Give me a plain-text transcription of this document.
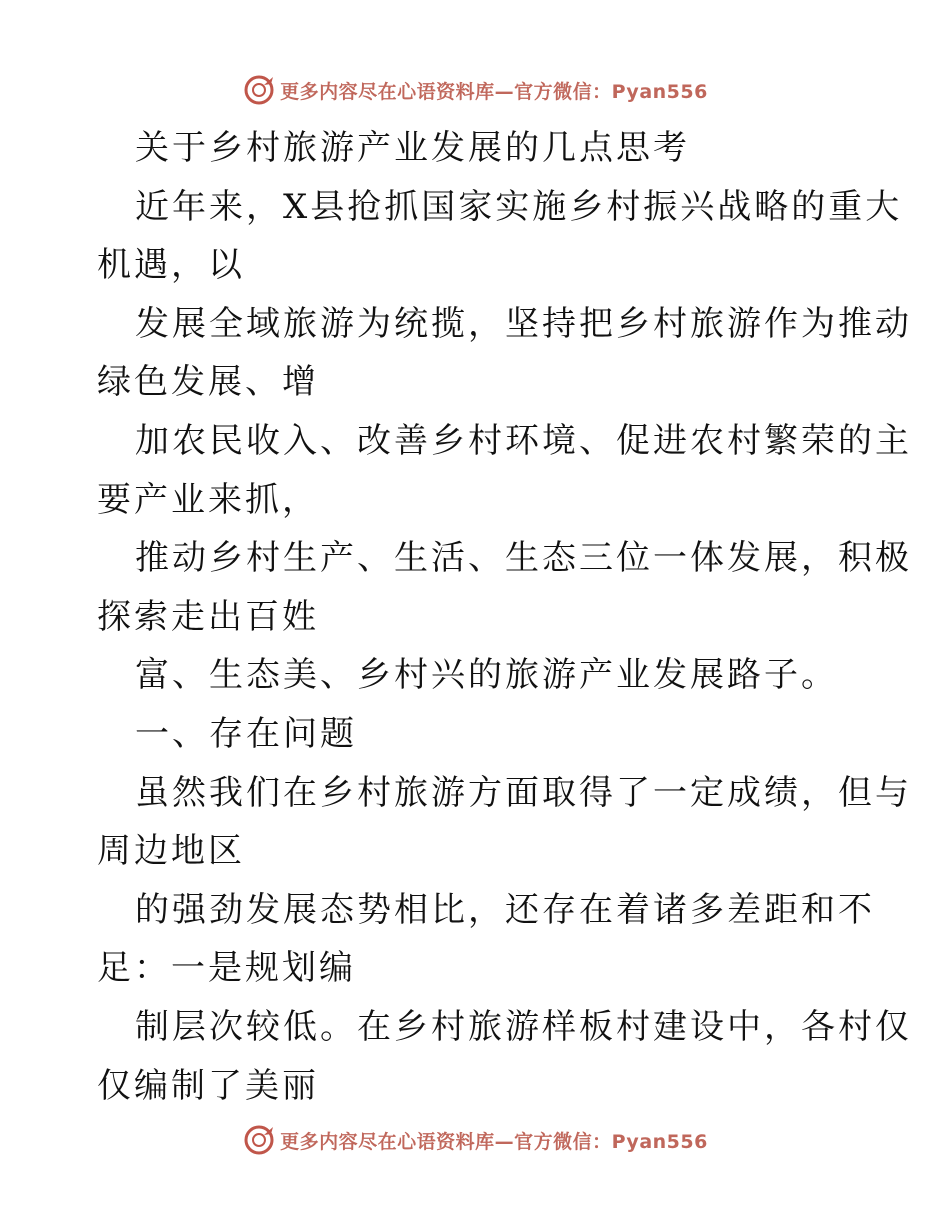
更多内容尽在心语资料库—官方微信：Pyan556
关于乡村旅游产业发展的几点思考
近年来，X县抢抓国家实施乡村振兴战略的重大
机遇，以
发展全域旅游为统揽，坚持把乡村旅游作为推动
绿色发展、增
加农民收入、改善乡村环境、促进农村繁荣的主
要产业来抓，
推动乡村生产、生活、生态三位一体发展，积极
探索走出百姓
富、生态美、乡村兴的旅游产业发展路子。
一、存在问题
虽然我们在乡村旅游方面取得了一定成绩，但与
周边地区
的强劲发展态势相比，还存在着诸多差距和不
足：一是规划编
制层次较低。在乡村旅游样板村建设中，各村仅
仅编制了美丽
更多内容尽在心语资料库—官方微信：Pyan556
